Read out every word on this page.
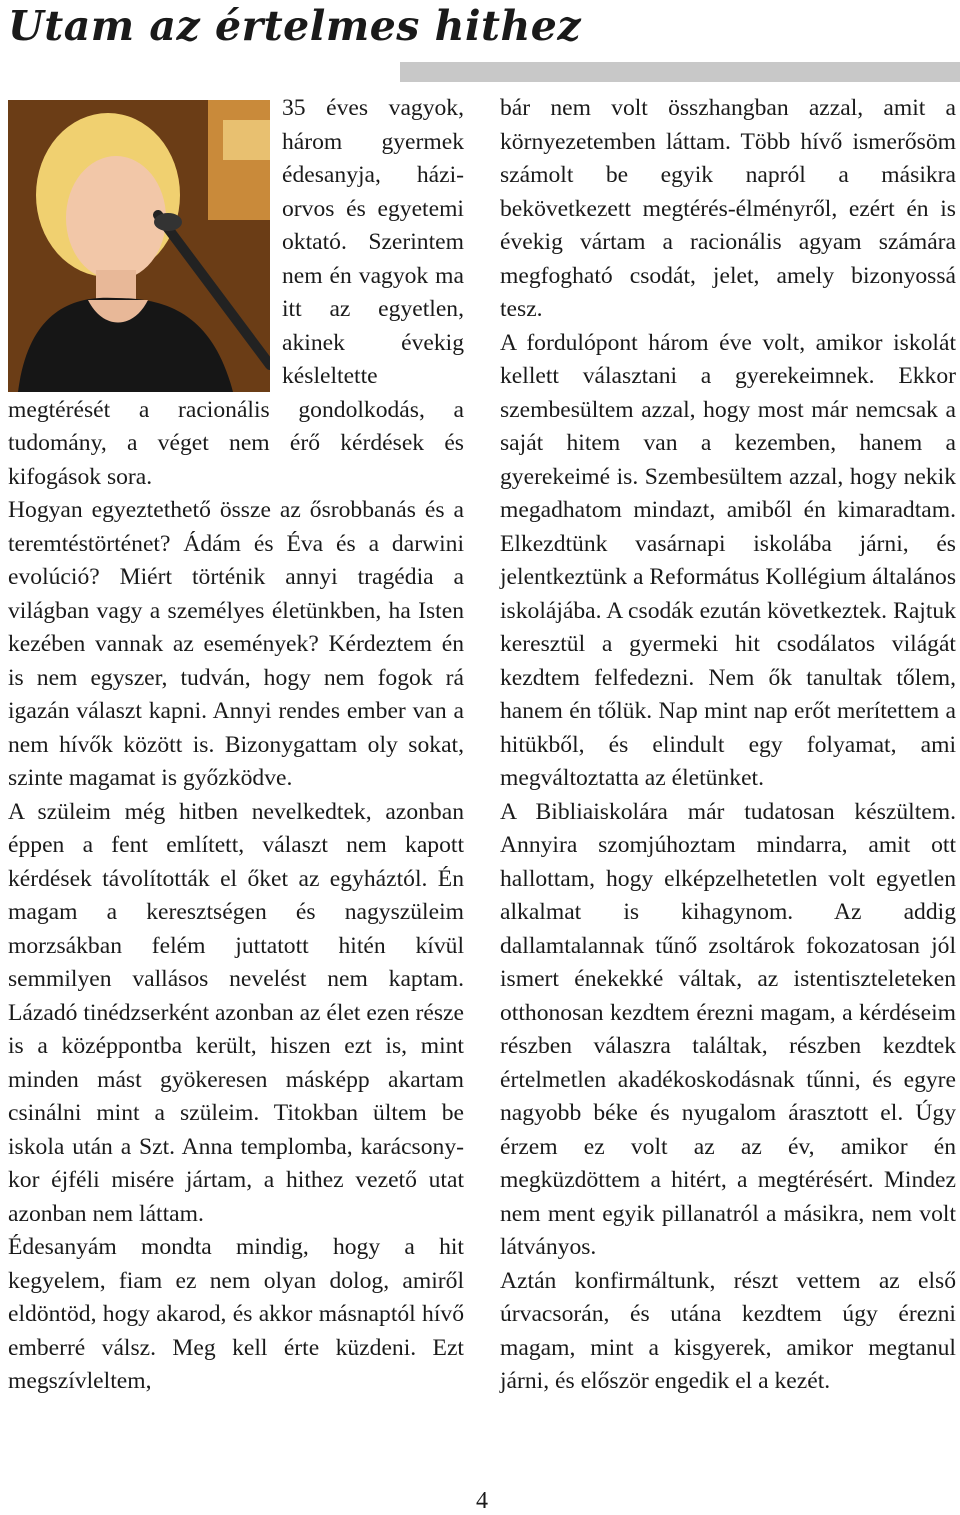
Utam az értelmes hithez

35 éves vagyok, három gyermek édesanyja, háziorvos és egyetemi oktató. Szerintem nem én vagyok ma itt az egyetlen, akinek évekig késleltette megtérését a racionális gondolkodás, a tudomány, a véget nem érő kérdések és kifogások sora.

Hogyan egyeztethető össze az ősrobbanás és a teremtéstörténet? Ádám és Éva és a darwini evolúció? Miért történik annyi tragédia a világban vagy a személyes életünkben, ha Isten kezében vannak az események? Kérdeztem én is nem egyszer, tudván, hogy nem fogok rá igazán választ kapni. Annyi rendes ember van a nem hívők között is. Bizonygattam oly sokat, szinte magamat is győzködve.

A szüleim még hitben nevelkedtek, azonban éppen a fent említett, választ nem kapott kérdések távolították el őket az egyháztól. Én magam a keresztségen és nagyszüleim morzsákban felém juttatott hitén kívül semmilyen vallásos nevelést nem kaptam. Lázadó tinédzserként azonban az élet ezen része is a középpontba került, hiszen ezt is, mint minden mást gyökeresen másképp akartam csinálni mint a szüleim. Titokban ültem be iskola után a Szt. Anna templomba, karácsonykor éjféli misére jártam, a hithez vezető utat azonban nem láttam.

Édesanyám mondta mindig, hogy a hit kegyelem, fiam ez nem olyan dolog, amiről eldöntöd, hogy akarod, és akkor másnaptól hívő emberré válsz. Meg kell érte küzdeni. Ezt megszívleltem,

bár nem volt összhangban azzal, amit a környezetemben láttam. Több hívő ismerősöm számolt be egyik napról a másikra bekövetkezett megtérés-élményről, ezért én is évekig vártam a racionális agyam számára megfogható csodát, jelet, amely bizonyossá tesz.

A fordulópont három éve volt, amikor iskolát kellett választani a gyerekeimnek. Ekkor szembesültem azzal, hogy most már nemcsak a saját hitem van a kezemben, hanem a gyerekeimé is. Szembesültem azzal, hogy nekik megadhatom mindazt, amiből én kimaradtam. Elkezdtünk vasárnapi iskolába járni, és jelentkeztünk a Református Kollégium általános iskolájába. A csodák ezután következtek. Rajtuk keresztül a gyermeki hit csodálatos világát kezdtem felfedezni. Nem ők tanultak tőlem, hanem én tőlük. Nap mint nap erőt merítettem a hitükből, és elindult egy folyamat, ami megváltoztatta az életünket.

A Bibliaiskolára már tudatosan készültem. Annyira szomjúhoztam mindarra, amit ott hallottam, hogy elképzelhetetlen volt egyetlen alkalmat is kihagynom. Az addig dallamtalannak tűnő zsoltárok fokozatosan jól ismert énekekké váltak, az istentiszteleteken otthonosan kezdtem érezni magam, a kérdéseim részben válaszra találtak, részben kezdtek értelmetlen akadékoskodásnak tűnni, és egyre nagyobb béke és nyugalom árasztott el. Úgy érzem ez volt az az év, amikor én megküzdöttem a hitért, a megtérésért. Mindez nem ment egyik pillanatról a másikra, nem volt látványos.

Aztán konfirmáltunk, részt vettem az első úrvacsorán, és utána kezdtem úgy érezni magam, mint a kisgyerek, amikor megtanul járni, és először engedik el a kezét.

4
